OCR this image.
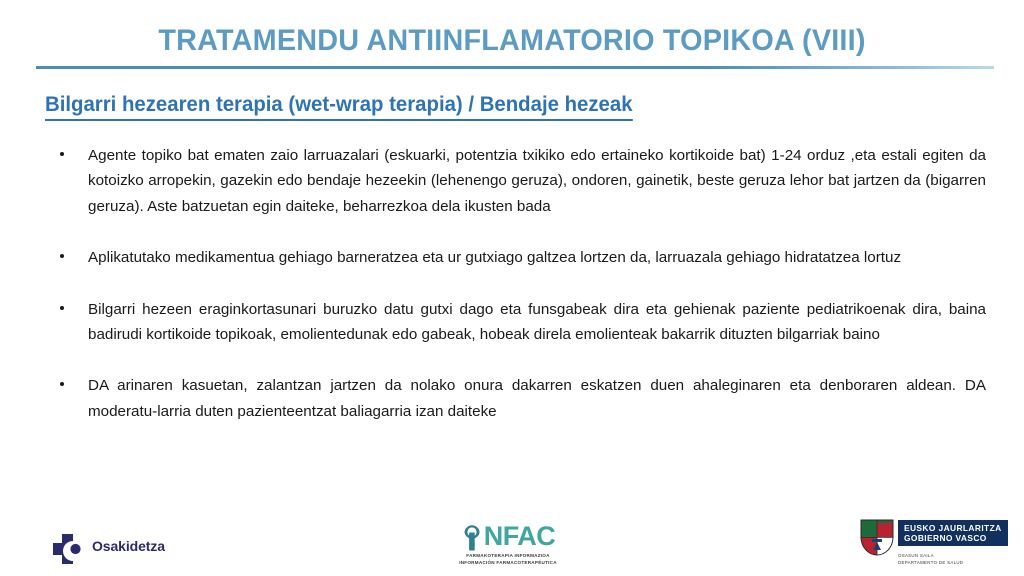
TRATAMENDU ANTIINFLAMATORIO TOPIKOA (VIII)
Bilgarri hezearen terapia (wet-wrap terapia) / Bendaje hezeak
Agente topiko bat ematen zaio larruazalari (eskuarki, potentzia txikiko edo ertaineko kortikoide bat) 1-24 orduz ,eta estali egiten da kotoizko arropekin, gazekin edo bendaje hezeekin (lehenengo geruza), ondoren, gainetik, beste geruza lehor bat jartzen da (bigarren geruza). Aste batzuetan egin daiteke, beharrezkoa dela ikusten bada
Aplikatutako medikamentua gehiago barneratzea eta ur gutxiago galtzea lortzen da, larruazala gehiago hidratatzea lortuz
Bilgarri hezeen eraginkortasunari buruzko datu gutxi dago eta funsgabeak dira eta gehienak paziente pediatrikoenak dira, baina badirudi kortikoide topikoak, emolientedunak edo gabeak, hobeak direla emolienteak bakarrik dituzten bilgarriak baino
DA arinaren kasuetan, zalantzan jartzen da nolako onura dakarren eskatzen duen ahaleginaren eta denboraren aldean. DA moderatu-larria duten pazienteentzat baliagarria izan daiteke
Osakidetza	NFAC
FARMAKOTERAPIA INFORMAZIOA
INFORMACIÓN FARMACOTERAPÉUTICA
EUSKO JAURLARITZA
GOBIERNO VASCO
OSASUN SAILA
DEPARTAMENTO DE SALUD
